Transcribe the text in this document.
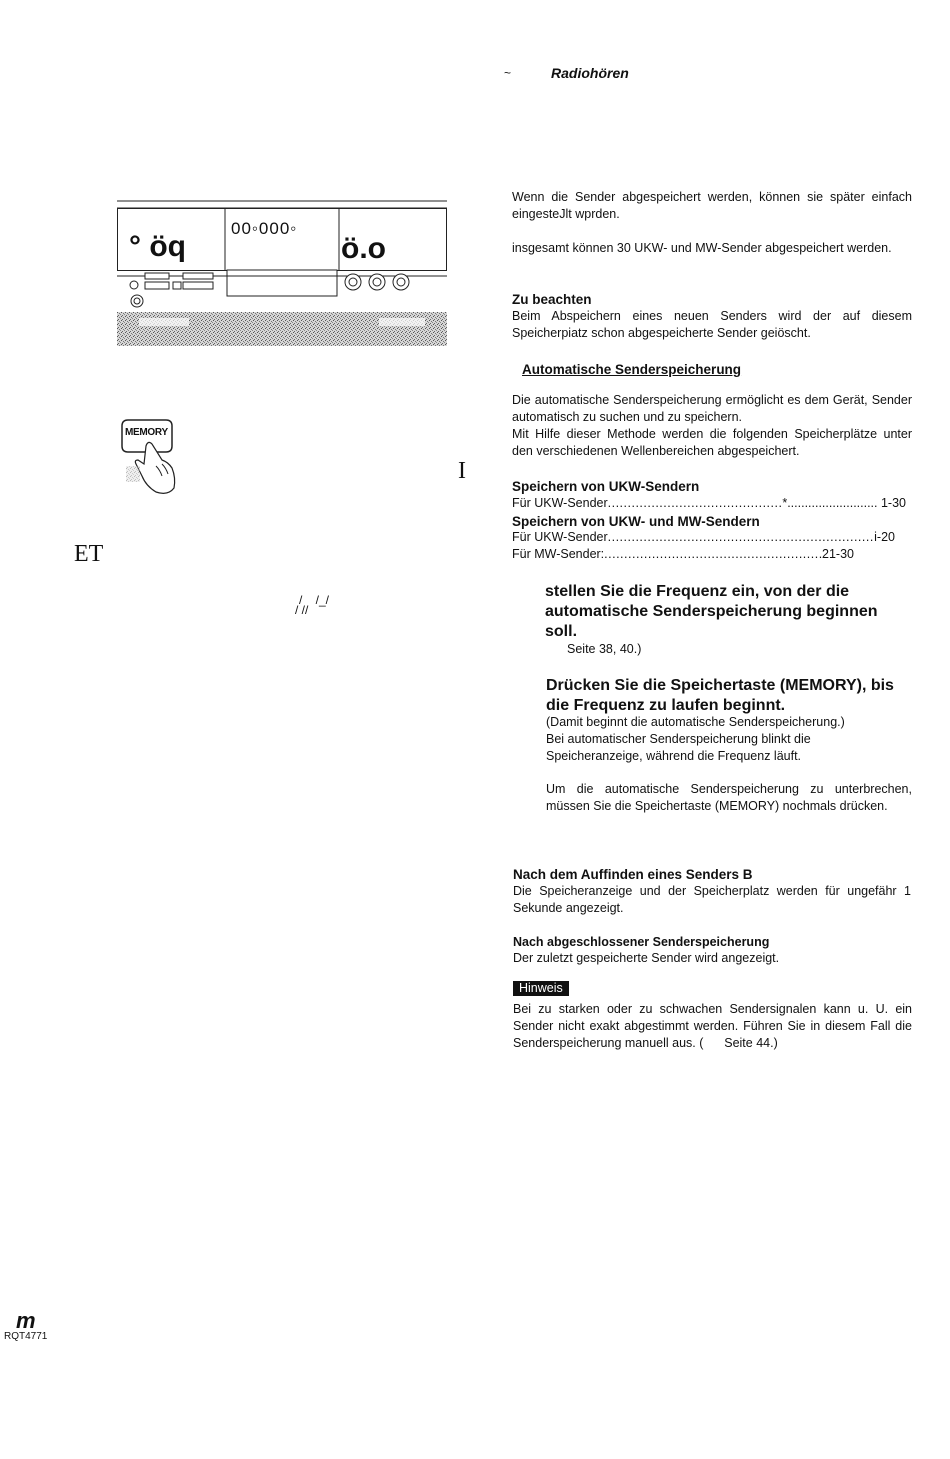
~	Radiohören
° öq
00◦000◦
ö.o
MEMORY
I
ET
/    /_/
/ //
Wenn die Sender abgespeichert werden, können sie später einfach eingesteJlt wprden.
insgesamt können 30 UKW- und MW-Sender abgespeichert werden.
Zu beachten
Beim Abspeichern eines neuen Senders wird der auf diesem Speicherpiatz schon abgespeicherte Sender geiöscht.
Automatische Senderspeicherung
Die automatische Senderspeicherung ermöglicht es dem Gerät, Sender automatisch zu suchen und zu speichern.
Mit Hilfe dieser Methode werden die folgenden Speicherplätze unter den verschiedenen Wellenbereichen abgespeichert.
Speichern von UKW-Sendern
Für UKW-Sender .....	*.......................... 1-30
Speichern von UKW- und MW-Sendern
Für UKW-Sender .....	i-20
Für MW-Sender: .....	21-30
stellen Sie die Frequenz ein, von der die automatische Senderspeicherung beginnen soll.
Seite 38, 40.)
Drücken Sie die Speichertaste (MEMORY), bis die Frequenz zu laufen beginnt.
(Damit beginnt die automatische Senderspeicherung.)
Bei automatischer Senderspeicherung blinkt die Speicheranzeige, während die Frequenz läuft.
Um die automatische Senderspeicherung zu unterbrechen, müssen Sie die Speichertaste (MEMORY) nochmals drücken.
Nach dem Auffinden eines Senders B
Die Speicheranzeige und der Speicherplatz werden für ungefähr 1 Sekunde angezeigt.
Nach abgeschlossener Senderspeicherung
Der zuletzt gespeicherte Sender wird angezeigt.
Hinweis
Bei zu starken oder zu schwachen Sendersignalen kann u. U. ein Sender nicht exakt abgestimmt werden. Führen Sie in diesem Fall die Senderspeicherung manuell aus. (      Seite 44.)
m
RQT4771
